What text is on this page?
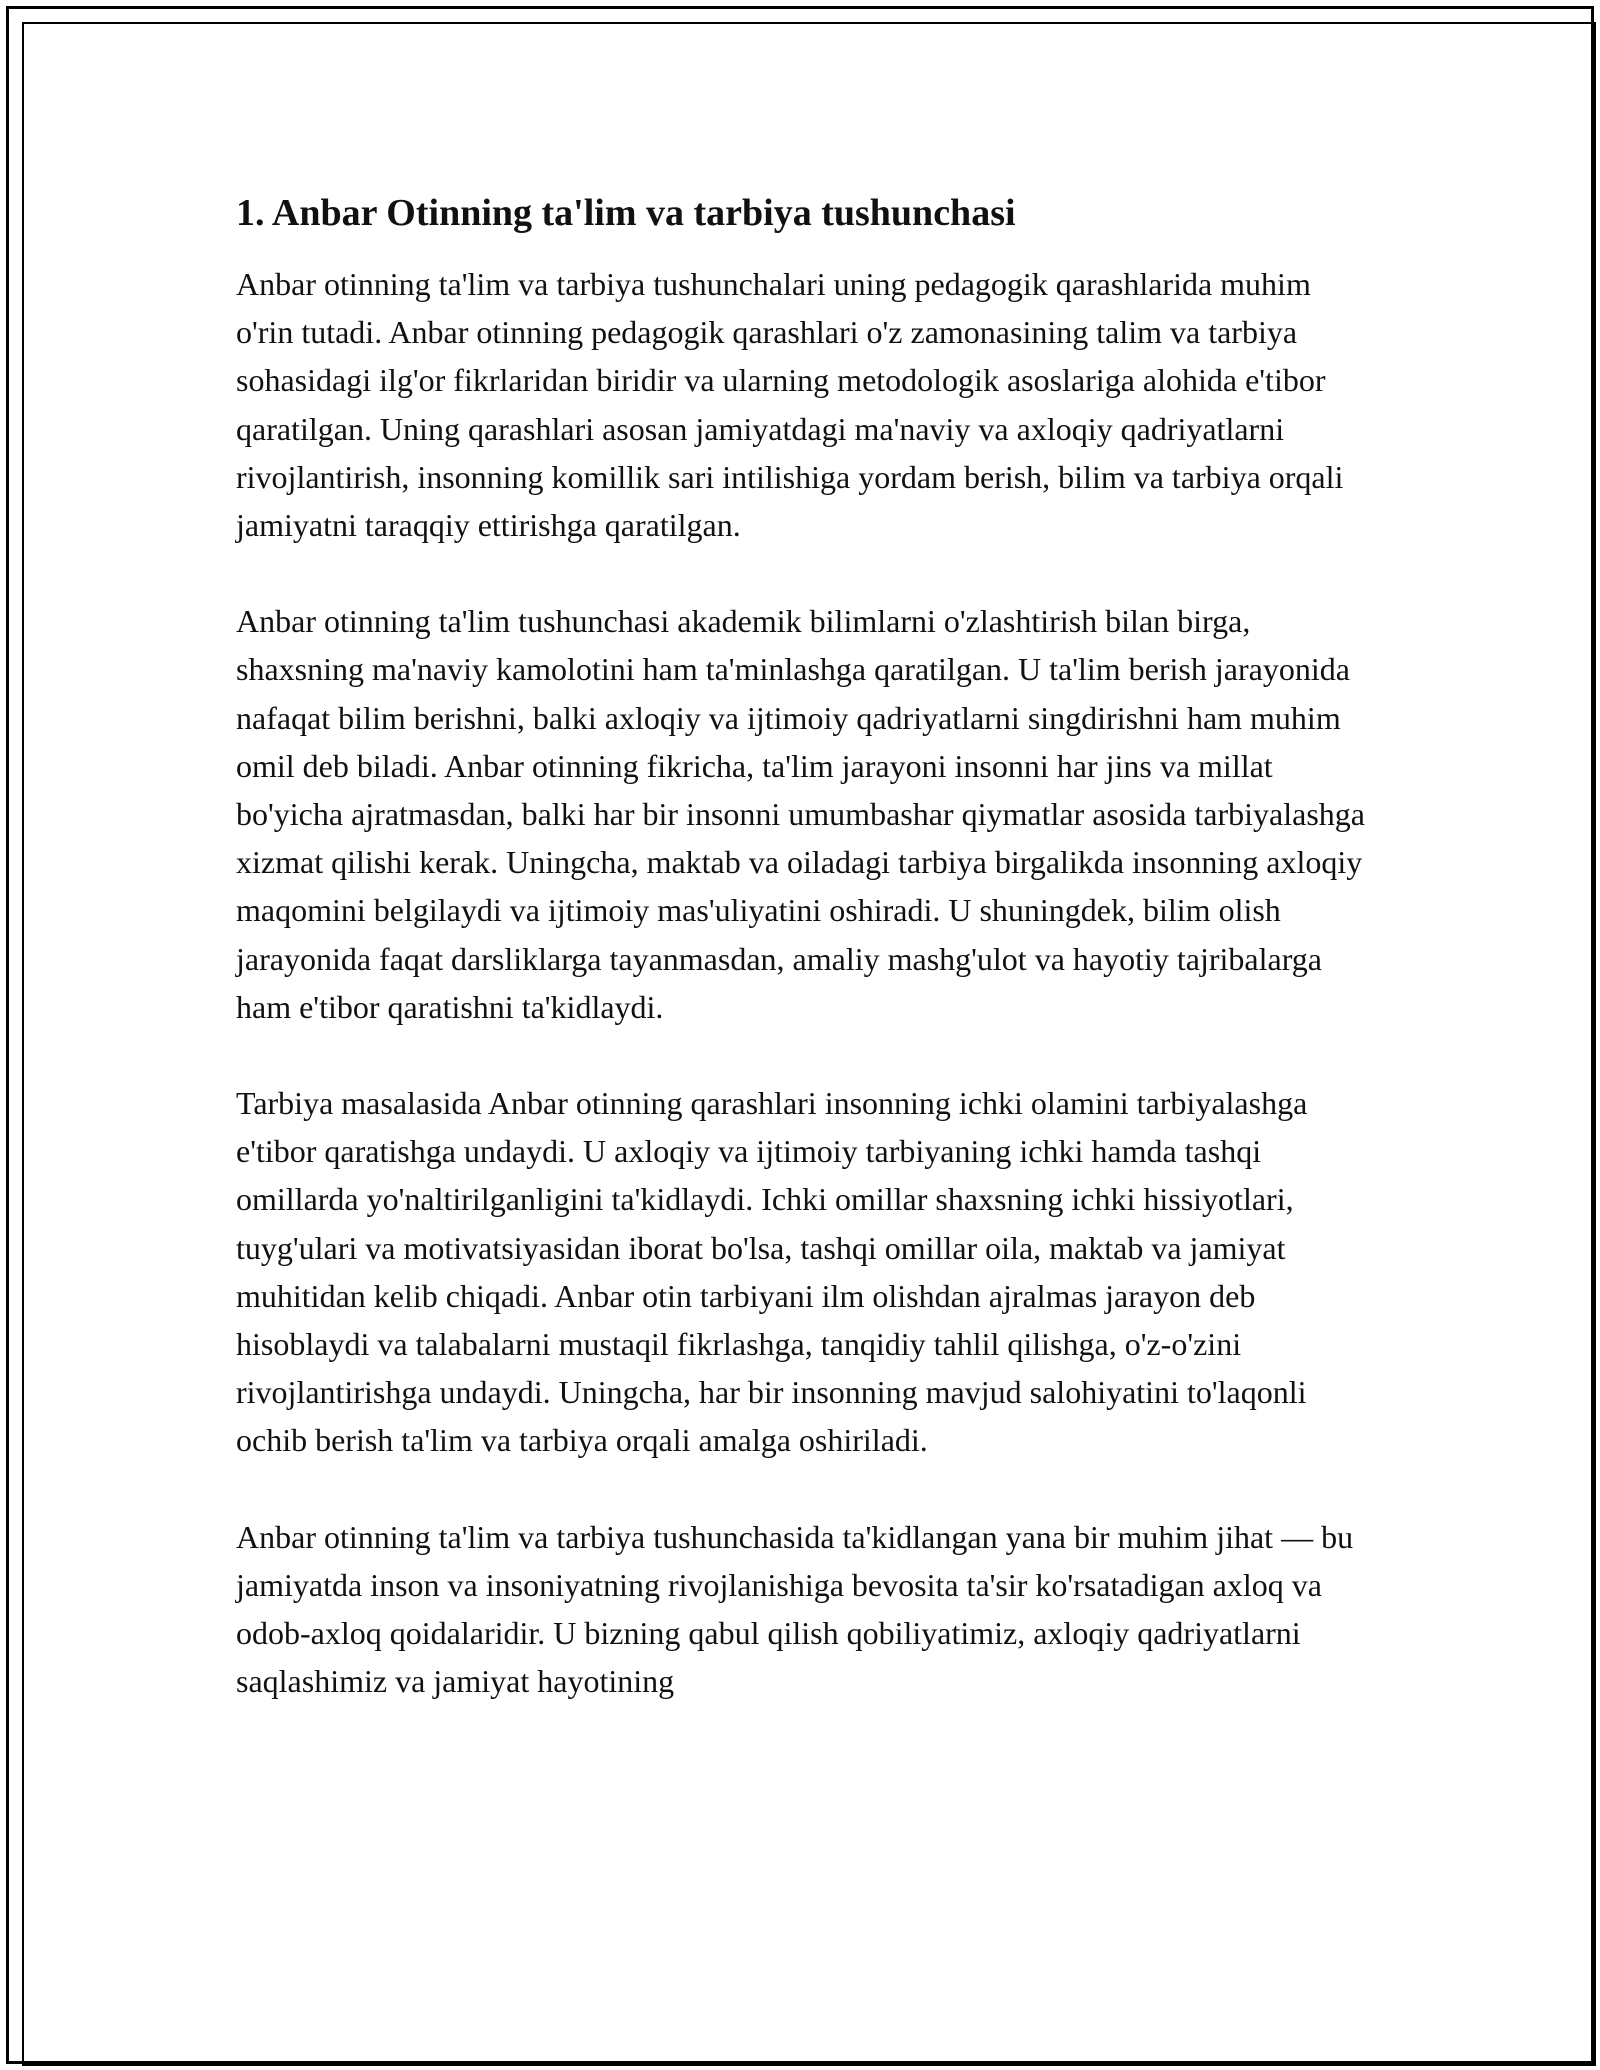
1. Anbar Otinning ta'lim va tarbiya tushunchasi

Anbar otinning ta'lim va tarbiya tushunchalari uning pedagogik qarashlarida muhim o'rin tutadi. Anbar otinning pedagogik qarashlari o'z zamonasining talim va tarbiya sohasidagi ilg'or fikrlaridan biridir va ularning metodologik asoslariga alohida e'tibor qaratilgan. Uning qarashlari asosan jamiyatdagi ma'naviy va axloqiy qadriyatlarni rivojlantirish, insonning komillik sari intilishiga yordam berish, bilim va tarbiya orqali jamiyatni taraqqiy ettirishga qaratilgan.

Anbar otinning ta'lim tushunchasi akademik bilimlarni o'zlashtirish bilan birga, shaxsning ma'naviy kamolotini ham ta'minlashga qaratilgan. U ta'lim berish jarayonida nafaqat bilim berishni, balki axloqiy va ijtimoiy qadriyatlarni singdirishni ham muhim omil deb biladi. Anbar otinning fikricha, ta'lim jarayoni insonni har jins va millat bo'yicha ajratmasdan, balki har bir insonni umumbashar qiymatlar asosida tarbiyalashga xizmat qilishi kerak. Uningcha, maktab va oiladagi tarbiya birgalikda insonning axloqiy maqomini belgilaydi va ijtimoiy mas'uliyatini oshiradi. U shuningdek, bilim olish jarayonida faqat darsliklarga tayanmasdan, amaliy mashg'ulot va hayotiy tajribalarga ham e'tibor qaratishni ta'kidlaydi.

Tarbiya masalasida Anbar otinning qarashlari insonning ichki olamini tarbiyalashga e'tibor qaratishga undaydi. U axloqiy va ijtimoiy tarbiyaning ichki hamda tashqi omillarda yo'naltirilganligini ta'kidlaydi. Ichki omillar shaxsning ichki hissiyotlari, tuyg'ulari va motivatsiyasidan iborat bo'lsa, tashqi omillar oila, maktab va jamiyat muhitidan kelib chiqadi. Anbar otin tarbiyani ilm olishdan ajralmas jarayon deb hisoblaydi va talabalarni mustaqil fikrlashga, tanqidiy tahlil qilishga, o'z-o'zini rivojlantirishga undaydi. Uningcha, har bir insonning mavjud salohiyatini to'laqonli ochib berish ta'lim va tarbiya orqali amalga oshiriladi.

Anbar otinning ta'lim va tarbiya tushunchasida ta'kidlangan yana bir muhim jihat — bu jamiyatda inson va insoniyatning rivojlanishiga bevosita ta'sir ko'rsatadigan axloq va odob-axloq qoidalaridir. U bizning qabul qilish qobiliyatimiz, axloqiy qadriyatlarni saqlashimiz va jamiyat hayotining
